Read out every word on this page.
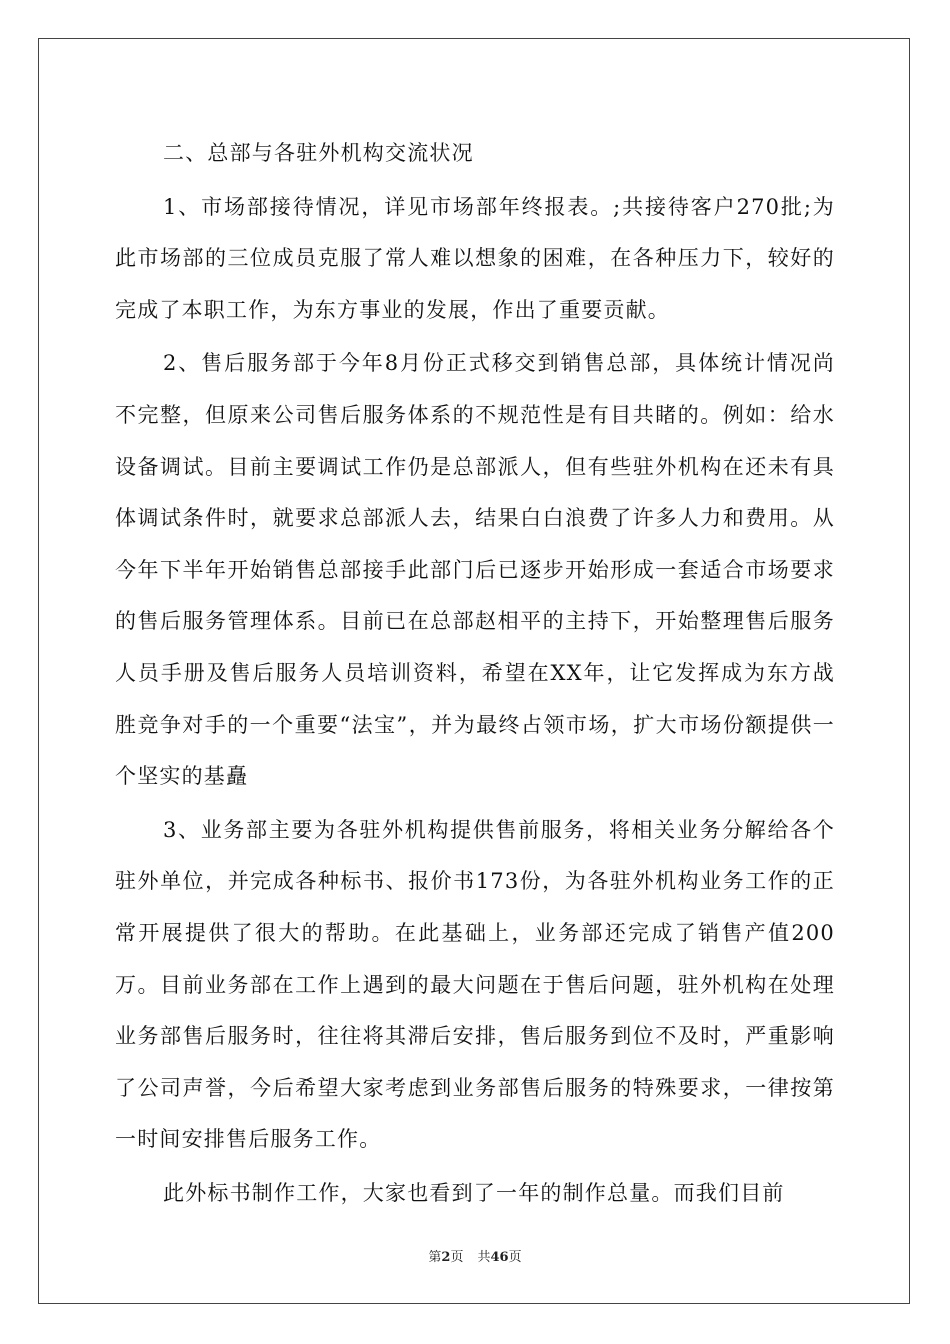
二、总部与各驻外机构交流状况

1、市场部接待情况，详见市场部年终报表。;共接待客户270批;为此市场部的三位成员克服了常人难以想象的困难，在各种压力下，较好的完成了本职工作，为东方事业的发展，作出了重要贡献。

2、售后服务部于今年8月份正式移交到销售总部，具体统计情况尚不完整，但原来公司售后服务体系的不规范性是有目共睹的。例如：给水设备调试。目前主要调试工作仍是总部派人，但有些驻外机构在还未有具体调试条件时，就要求总部派人去，结果白白浪费了许多人力和费用。从今年下半年开始销售总部接手此部门后已逐步开始形成一套适合市场要求的售后服务管理体系。目前已在总部赵相平的主持下，开始整理售后服务人员手册及售后服务人员培训资料，希望在XX年，让它发挥成为东方战胜竞争对手的一个重要“法宝”，并为最终占领市场，扩大市场份额提供一个坚实的基矗

3、业务部主要为各驻外机构提供售前服务，将相关业务分解给各个驻外单位，并完成各种标书、报价书173份，为各驻外机构业务工作的正常开展提供了很大的帮助。在此基础上，业务部还完成了销售产值200万。目前业务部在工作上遇到的最大问题在于售后问题，驻外机构在处理业务部售后服务时，往往将其滞后安排，售后服务到位不及时，严重影响了公司声誉，今后希望大家考虑到业务部售后服务的特殊要求，一律按第一时间安排售后服务工作。

此外标书制作工作，大家也看到了一年的制作总量。而我们目前

第2页 共46页
